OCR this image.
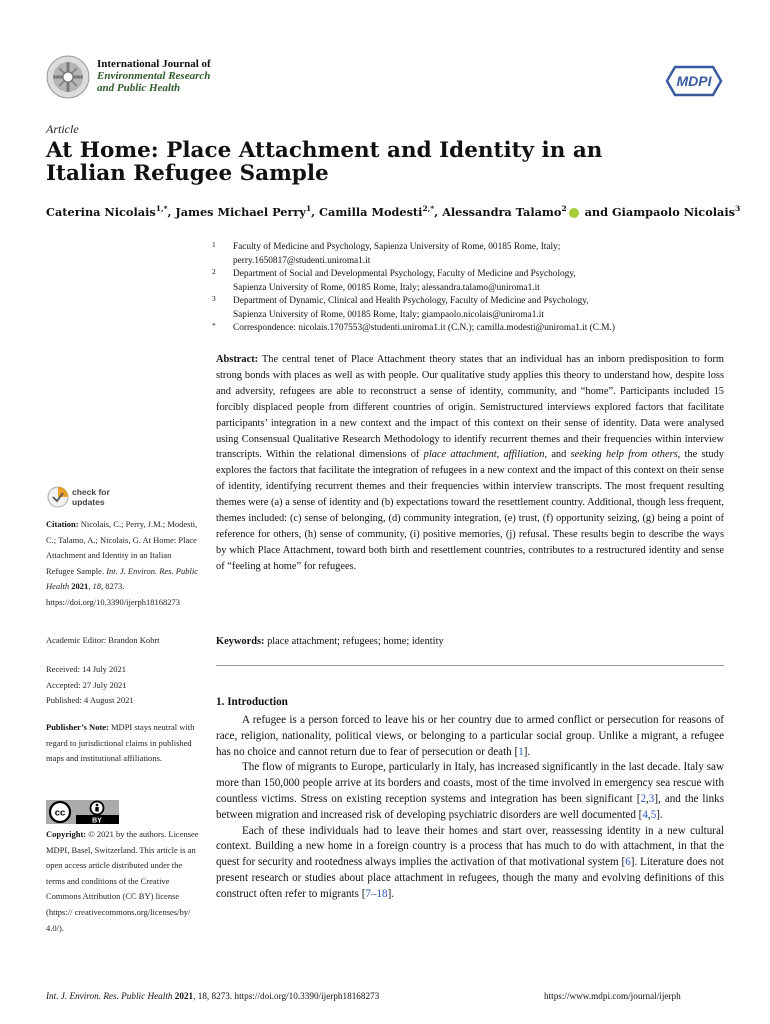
International Journal of
Environmental Research
and Public Health	MDPI
Article
At Home: Place Attachment and Identity in an Italian Refugee Sample
Caterina Nicolais$^{1,*}$, James Michael Perry$^1$, Camilla Modesti$^{2,*}$, Alessandra Talamo$^2$ and Giampaolo Nicolais$^3$
1 Faculty of Medicine and Psychology, Sapienza University of Rome, 00185 Rome, Italy;
perry.1650817@studenti.uniroma1.it
2 Department of Social and Developmental Psychology, Faculty of Medicine and Psychology,
Sapienza University of Rome, 00185 Rome, Italy; alessandra.talamo@uniroma1.it
3 Department of Dynamic, Clinical and Health Psychology, Faculty of Medicine and Psychology,
Sapienza University of Rome, 00185 Rome, Italy; giampaolo.nicolais@uniroma1.it
* Correspondence: nicolais.1707553@studenti.uniroma1.it (C.N.); camilla.modesti@uniroma1.it (C.M.)
Abstract: The central tenet of Place Attachment theory states that an individual has an inborn predisposition to form strong bonds with places as well as with people. Our qualitative study applies this theory to understand how, despite loss and adversity, refugees are able to reconstruct a sense of identity, community, and “home”. Participants included 15 forcibly displaced people from different countries of origin. Semistructured interviews explored factors that facilitate participants’ integration in a new context and the impact of this context on their sense of identity. Data were analysed using Consensual Qualitative Research Methodology to identify recurrent themes and their frequencies within interview transcripts. Within the relational dimensions of place attachment, affiliation, and seeking help from others, the study explores the factors that facilitate the integration of refugees in a new context and the impact of this context on their sense of identity, identifying recurrent themes and their frequencies within interview transcripts. The most frequent resulting themes were (a) a sense of identity and (b) expectations toward the resettlement country. Additional, though less frequent, themes included: (c) sense of belonging, (d) community integration, (e) trust, (f) opportunity seizing, (g) being a point of reference for others, (h) sense of community, (i) positive memories, (j) refusal. These results begin to describe the ways by which Place Attachment, toward both birth and resettlement countries, contributes to a restructured identity and sense of “feeling at home” for refugees.
Keywords: place attachment; refugees; home; identity
check for
updates
Citation: Nicolais, C.; Perry, J.M.; Modesti, C.; Talamo, A.; Nicolais, G. At Home: Place Attachment and Identity in an Italian Refugee Sample. Int. J. Environ. Res. Public Health 2021, 18, 8273. https://doi.org/10.3390/ijerph18168273
Academic Editor: Brandon Kohrt
Received: 14 July 2021
Accepted: 27 July 2021
Published: 4 August 2021
Publisher’s Note: MDPI stays neutral with regard to jurisdictional claims in published maps and institutional affiliations.
cc
BY
Copyright: © 2021 by the authors. Licensee MDPI, Basel, Switzerland. This article is an open access article distributed under the terms and conditions of the Creative Commons Attribution (CC BY) license (https:// creativecommons.org/licenses/by/ 4.0/).
1. Introduction

A refugee is a person forced to leave his or her country due to armed conflict or persecution for reasons of race, religion, nationality, political views, or belonging to a particular social group. Unlike a migrant, a refugee has no choice and cannot return due to fear of persecution or death [1].

The flow of migrants to Europe, particularly in Italy, has increased significantly in the last decade. Italy saw more than 150,000 people arrive at its borders and coasts, most of the time involved in emergency sea rescue with countless victims. Stress on existing reception systems and integration has been significant [2,3], and the links between migration and increased risk of developing psychiatric disorders are well documented [4,5].

Each of these individuals had to leave their homes and start over, reassessing identity in a new cultural context. Building a new home in a foreign country is a process that has much to do with attachment, in that the quest for security and rootedness always implies the activation of that motivational system [6]. Literature does not present research or studies about place attachment in refugees, though the many and evolving definitions of this construct often refer to migrants [7–18].

Int. J. Environ. Res. Public Health 2021, 18, 8273. https://doi.org/10.3390/ijerph18168273	https://www.mdpi.com/journal/ijerph
